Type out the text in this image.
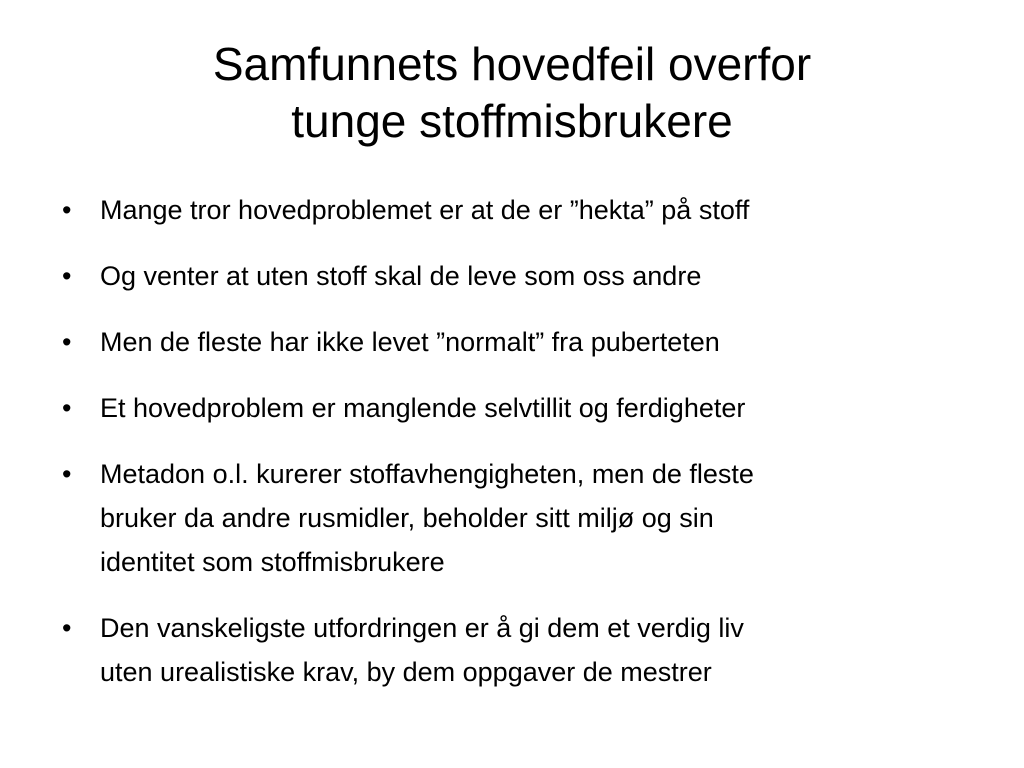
Samfunnets hovedfeil overfor
tunge stoffmisbrukere
• Mange tror hovedproblemet er at de er ”hekta” på stoff
• Og venter at uten stoff skal de leve som oss andre
• Men de fleste har ikke levet ”normalt” fra puberteten
• Et hovedproblem er manglende selvtillit og ferdigheter
• Metadon o.l. kurerer stoffavhengigheten, men de fleste
bruker da andre rusmidler, beholder sitt miljø og sin
identitet som stoffmisbrukere
• Den vanskeligste utfordringen er å gi dem et verdig liv
uten urealistiske krav, by dem oppgaver de mestrer
